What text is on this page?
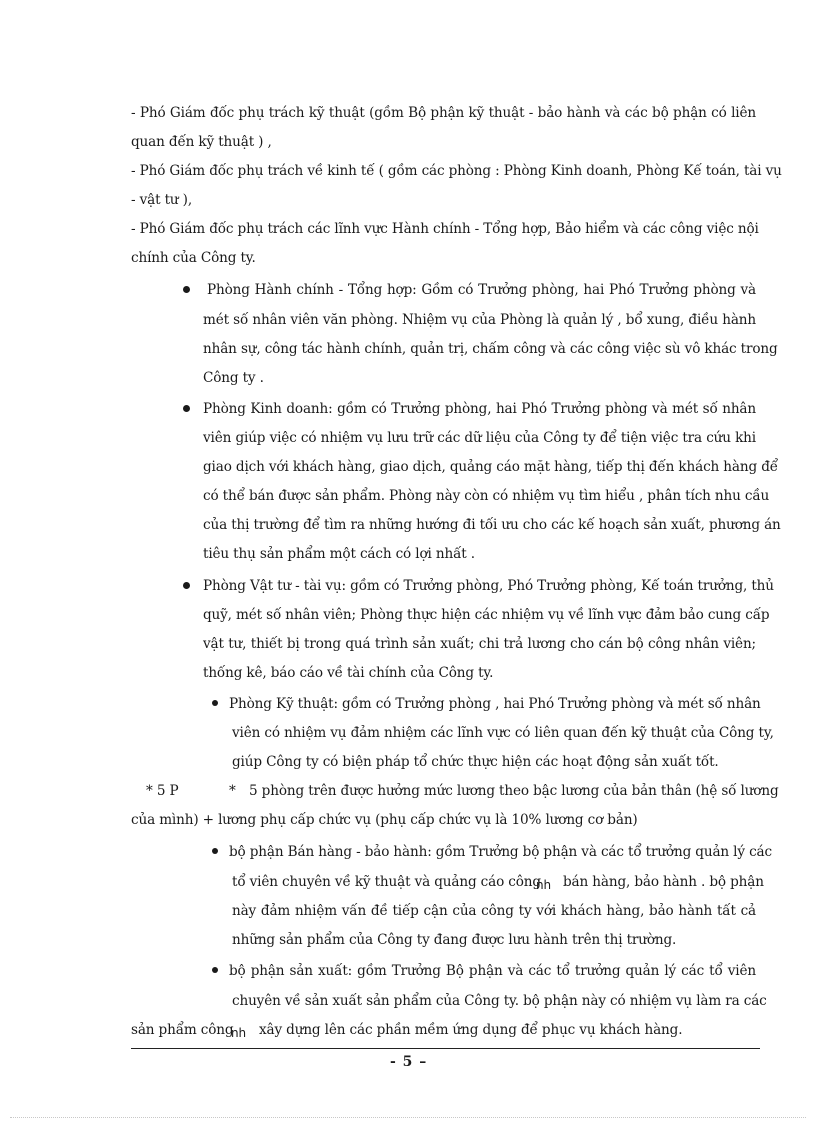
- Phó Giám đốc phụ trách kỹ thuật (gồm Bộ phận kỹ thuật - bảo hành và các bộ phận có liên
quan đến kỹ thuật ) ,
- Phó Giám đốc phụ trách về kinh tế ( gồm các phòng : Phòng Kinh doanh, Phòng Kế toán, tài vụ
- vật tư ),
- Phó Giám đốc phụ trách các lĩnh vực Hành chính - Tổng hợp, Bảo hiểm và các công việc nội
chính của Công ty.
Phòng Hành chính - Tổng hợp: Gồm có Trưởng phòng, hai Phó Trưởng phòng và
mét số nhân viên văn phòng. Nhiệm vụ của Phòng là quản lý , bổ xung, điều hành
nhân sự, công tác hành chính, quản trị, chấm công và các công việc sù vô khác trong
Công ty .
Phòng Kinh doanh: gồm có Trưởng phòng, hai Phó Trưởng phòng và mét số nhân
viên giúp việc có nhiệm vụ lưu trữ các dữ liệu của Công ty để tiện việc tra cứu khi
giao dịch với khách hàng, giao dịch, quảng cáo mặt hàng, tiếp thị đến khách hàng để
có thể bán được sản phẩm. Phòng này còn có nhiệm vụ tìm hiểu , phân tích nhu cầu
của thị trường để tìm ra những hướng đi tối ưu cho các kế hoạch sản xuất, phương án
tiêu thụ sản phẩm một cách có lợi nhất .
Phòng Vật tư - tài vụ: gồm có Trưởng phòng, Phó Trưởng phòng, Kế toán trưởng, thủ
quỹ, mét số nhân viên; Phòng thực hiện các nhiệm vụ về lĩnh vực đảm bảo cung cấp
vật tư, thiết bị trong quá trình sản xuất; chi trả lương cho cán bộ công nhân viên;
thống kê, báo cáo về tài chính của Công ty.
Phòng Kỹ thuật: gồm có Trưởng phòng , hai Phó Trưởng phòng và mét số nhân
viên có nhiệm vụ đảm nhiệm các lĩnh vực có liên quan đến kỹ thuật của Công ty,
giúp Công ty có biện pháp tổ chức thực hiện các hoạt động sản xuất tốt.
* 5 P	* 5 phòng trên được hưởng mức lương theo bậc lương của bản thân (hệ số lương
của mình) + lương phụ cấp chức vụ (phụ cấp chức vụ là 10% lương cơ bản)
bộ phận Bán hàng - bảo hành: gồm Trưởng bộ phận và các tổ trưởng quản lý các
tổ viên chuyên về kỹ thuật và quảng cáo công
nh bán hàng, bảo hành . bộ phận
này đảm nhiệm vấn đề tiếp cận của công ty với khách hàng, bảo hành tất cả
những sản phẩm của Công ty đang được lưu hành trên thị trường.
bộ phận sản xuất: gồm Trưởng Bộ phận và các tổ trưởng quản lý các tổ viên
chuyên về sản xuất sản phẩm của Công ty. bộ phận này có nhiệm vụ làm ra các
sản phẩm công
nh xây dựng lên các phần mềm ứng dụng để phục vụ khách hàng.
- 5 –
